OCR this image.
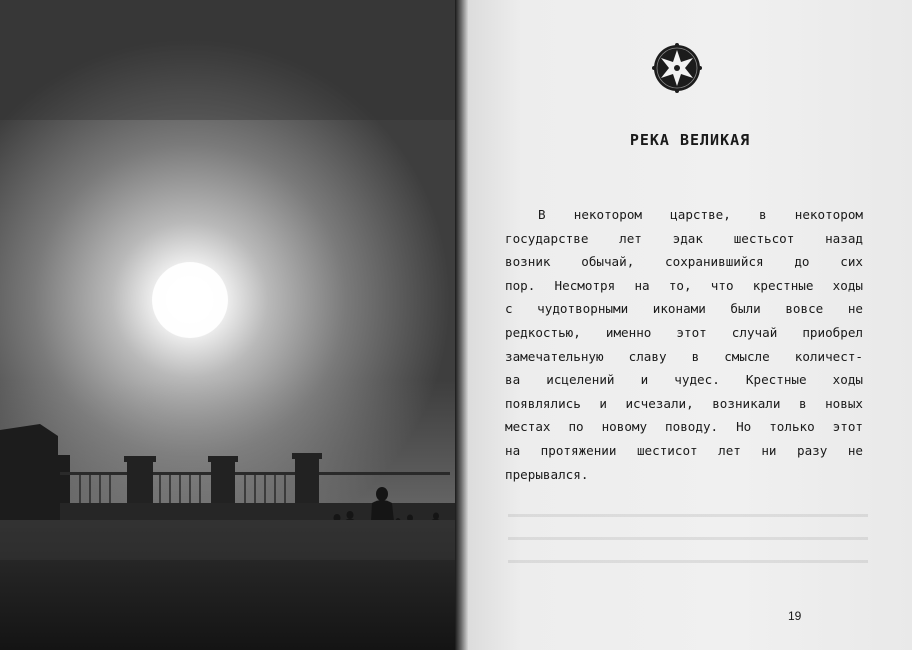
РЕКА ВЕЛИКАЯ

В некотором царстве, в некотором
государстве лет эдак шестьсот назад
возник обычай, сохранившийся до сих
пор. Несмотря на то, что крестные ходы
с чудотворными иконами были вовсе не
редкостью, именно этот случай приобрел
замечательную славу в смысле количест-
ва исцелений и чудес. Крестные ходы
появлялись и исчезали, возникали в новых
местах по новому поводу. Но только этот
на протяжении шестисот лет ни разу не
прерывался.

19
